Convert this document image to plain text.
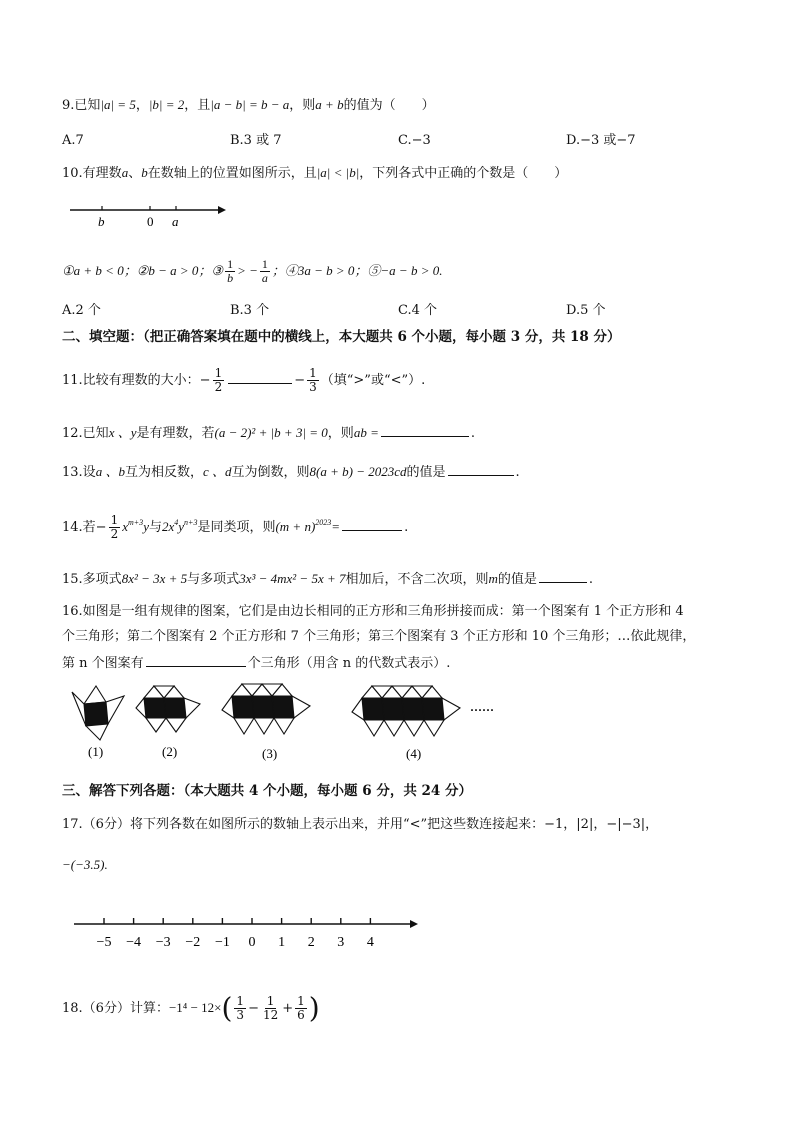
9.已知|a| = 5，|b| = 2，且|a − b| = b − a，则a + b的值为（　　）
A.7	B.3 或 7	C.−3	D.−3 或−7
10.有理数a、b在数轴上的位置如图所示，且|a| < |b|，下列各式中正确的个数是（　　）
b	0 a
①a + b < 0；②b − a > 0；③ $\frac{1}{b}$ > − $\frac{1}{a}$ ；④3a − b > 0；⑤−a − b > 0.
A.2 个	B.3 个	C.4 个	D.5 个
二、填空题：（把正确答案填在题中的横线上，本大题共 6 个小题，每小题 3 分，共 18 分）
11.比较有理数的大小：− $\frac{1}{2}$	− $\frac{1}{3}$ （填“>”或“<”）.
12.已知x 、y是有理数，若(a − 2)² + |b + 3| = 0，则ab =	.
13.设a 、b互为相反数，c 、d互为倒数，则8(a + b) − 2023cd的值是	.
14.若− $\frac{1}{2} x^{m+3}y$与$2x^4y^{n+3}$是同类项，则$(m + n)^{2023}=$	.
15.多项式8x² − 3x + 5与多项式3x³ − 4mx² − 5x + 7相加后，不含二次项，则m的值是	.
16.如图是一组有规律的图案，它们是由边长相同的正方形和三角形拼接而成：第一个图案有 1 个正方形和 4
个三角形；第二个图案有 2 个正方形和 7 个三角形；第三个图案有 3 个正方形和 10 个三角形；…依此规律，
第 n 个图案有	个三角形（用含 n 的代数式表示）.
······
(1)	(2)	(3)	(4)
三、解答下列各题：（本大题共 4 个小题，每小题 6 分，共 24 分）
17.（6分）将下列各数在如图所示的数轴上表示出来，并用“<”把这些数连接起来：−1，|2|，−|−3|，
−(−3.5).
−5 −4 −3 −2 −1 0 1 2 3 4
18.（6分）计算：$-1^4 - 12\times( \frac{1}{3} - \frac{1}{12} + \frac{1}{6}$ )
